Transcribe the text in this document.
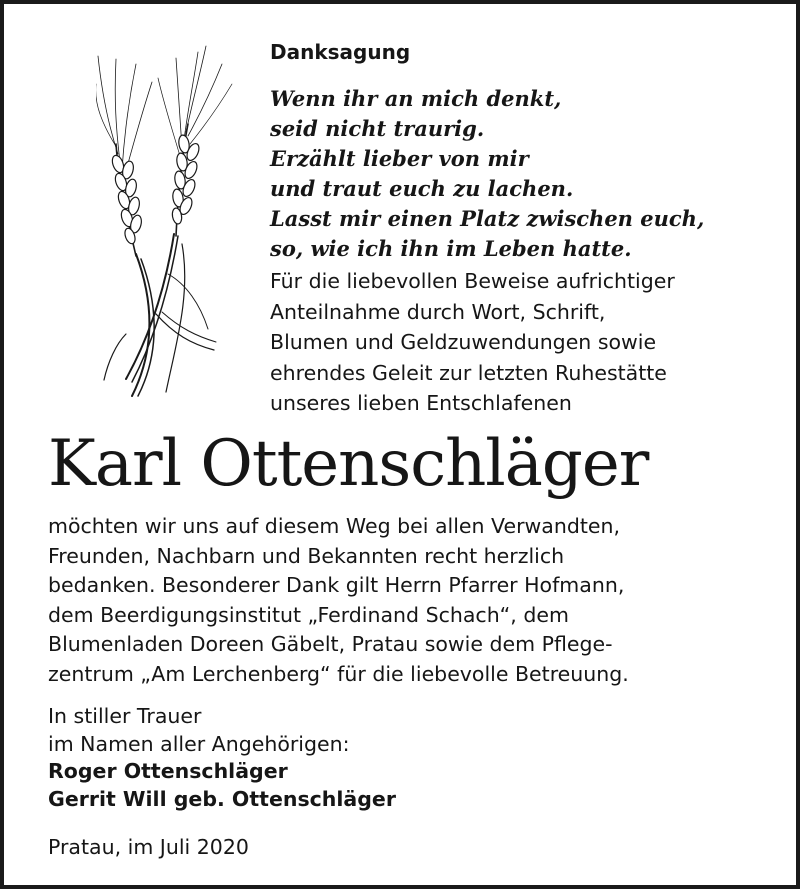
Danksagung
Wenn ihr an mich denkt,
seid nicht traurig.
Erzählt lieber von mir
und traut euch zu lachen.
Lasst mir einen Platz zwischen euch,
so, wie ich ihn im Leben hatte.
Für die liebevollen Beweise aufrichtiger
Anteilnahme durch Wort, Schrift,
Blumen und Geldzuwendungen sowie
ehrendes Geleit zur letzten Ruhestätte
unseres lieben Entschlafenen
Karl Ottenschläger
möchten wir uns auf diesem Weg bei allen Verwandten,
Freunden, Nachbarn und Bekannten recht herzlich
bedanken. Besonderer Dank gilt Herrn Pfarrer Hofmann,
dem Beerdigungsinstitut „Ferdinand Schach“, dem
Blumenladen Doreen Gäbelt, Pratau sowie dem Pflege-
zentrum „Am Lerchenberg“ für die liebevolle Betreuung.
In stiller Trauer
im Namen aller Angehörigen:
Roger Ottenschläger
Gerrit Will geb. Ottenschläger
Pratau, im Juli 2020
